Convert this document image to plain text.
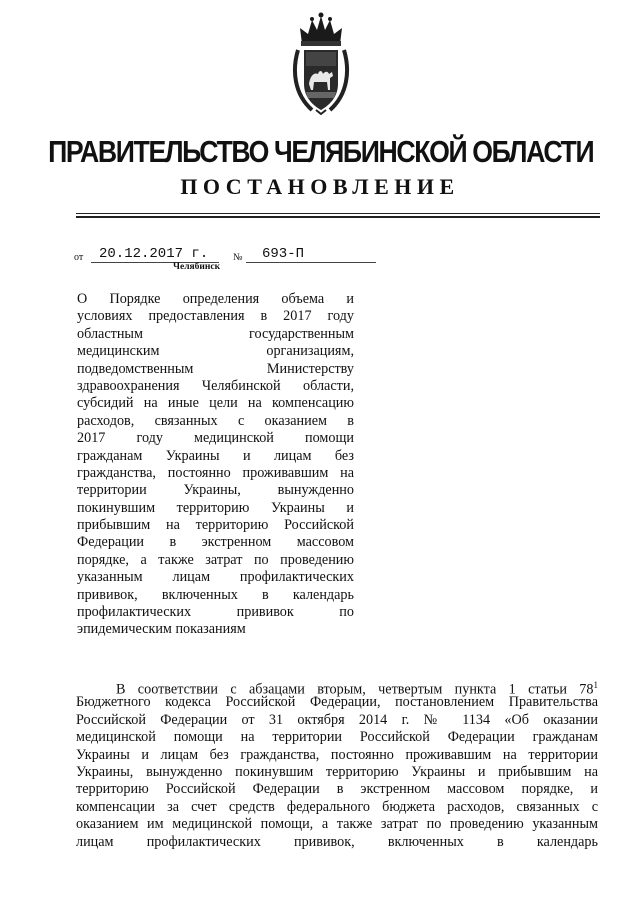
ПРАВИТЕЛЬСТВО ЧЕЛЯБИНСКОЙ ОБЛАСТИ
ПОСТАНОВЛЕНИЕ
от 20.12.2017 г. № 693-П
Челябинск
О Порядке определения объема и
условиях предоставления в 2017 году
областным государственным
медицинским организациям,
подведомственным Министерству
здравоохранения Челябинской области,
субсидий на иные цели на компенсацию
расходов, связанных с оказанием в
2017 году медицинской помощи
гражданам Украины и лицам без
гражданства, постоянно проживавшим на
территории Украины, вынужденно
покинувшим территорию Украины и
прибывшим на территорию Российской
Федерации в экстренном массовом
порядке, а также затрат по проведению
указанным лицам профилактических
прививок, включенных в календарь
профилактических прививок по
эпидемическим показаниям
В соответствии с абзацами вторым, четвертым пункта 1 статьи $78^1$
Бюджетного кодекса Российской Федерации, постановлением Правительства
Российской Федерации от 31 октября 2014 г. № 1134 «Об оказании
медицинской помощи на территории Российской Федерации гражданам
Украины и лицам без гражданства, постоянно проживавшим на территории
Украины, вынужденно покинувшим территорию Украины и прибывшим на
территорию Российской Федерации в экстренном массовом порядке, и
компенсации за счет средств федерального бюджета расходов, связанных с
оказанием им медицинской помощи, а также затрат по проведению указанным
лицам профилактических прививок, включенных в календарь
